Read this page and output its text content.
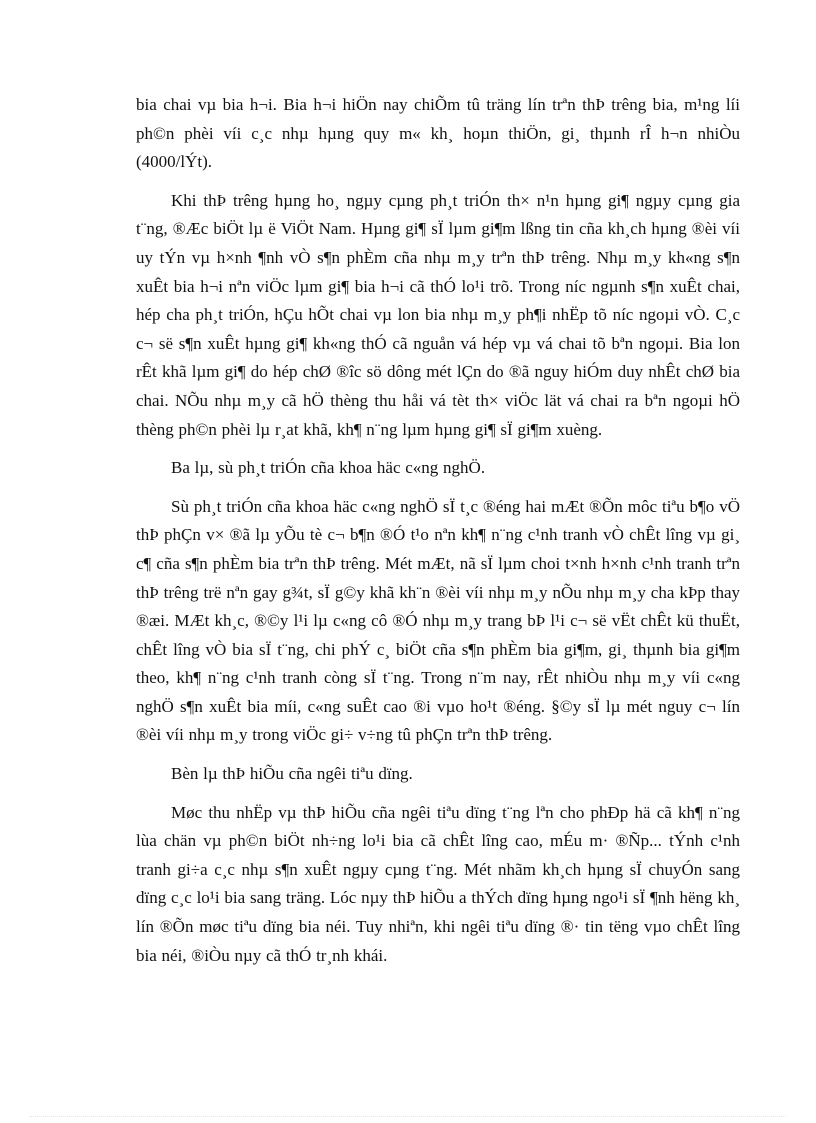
bia chai vµ bia h¬i. Bia h¬i hiÖn nay chiÕm tû träng lín trªn thÞ trêng bia, m¹ng líi ph©n phèi víi c¸c nhµ hµng quy m« kh¸ hoµn thiÖn, gi¸ thµnh rÎ h¬n nhiÒu (4000/lÝt).

Khi thÞ trêng hµng ho¸ ngµy cµng ph¸t triÓn th× n¹n hµng gi¶ ngµy cµng gia t¨ng, ®Æc biÖt lµ ë ViÖt Nam. Hµng gi¶ sÏ lµm gi¶m lßng tin cña kh¸ch hµng ®èi víi uy tÝn vµ h×nh ¶nh vÒ s¶n phÈm cña nhµ m¸y trªn thÞ trêng. Nhµ m¸y kh«ng s¶n xuÊt bia h¬i nªn viÖc lµm gi¶ bia h¬i cã thÓ lo¹i trõ. Trong níc ngµnh s¶n xuÊt chai, hép cha ph¸t triÓn, hÇu hÕt chai vµ lon bia nhµ m¸y ph¶i nhËp tõ níc ngoµi vÒ. C¸c c¬ së s¶n xuÊt hµng gi¶ kh«ng thÓ cã nguån vá hép vµ vá chai tõ bªn ngoµi. Bia lon rÊt khã lµm gi¶ do hép chØ ®îc sö dông mét lÇn do ®ã nguy hiÓm duy nhÊt chØ bia chai. NÕu nhµ m¸y cã hÖ thèng thu håi vá tèt th× viÖc lät vá chai ra bªn ngoµi hÖ thèng ph©n phèi lµ r¸at khã, kh¶ n¨ng lµm hµng gi¶ sÏ gi¶m xuèng.

Ba lµ, sù ph¸t triÓn cña khoa häc c«ng nghÖ.

Sù ph¸t triÓn cña khoa häc c«ng nghÖ sÏ t¸c ®éng hai mÆt ®Õn môc tiªu b¶o vÖ thÞ phÇn v× ®ã lµ yÕu tè c¬ b¶n ®Ó t¹o nªn kh¶ n¨ng c¹nh tranh vÒ chÊt lîng vµ gi¸ c¶ cña s¶n phÈm bia trªn thÞ trêng. Mét mÆt, nã sÏ lµm choi t×nh h×nh c¹nh tranh trªn thÞ trêng trë nªn gay g¾t, sÏ g©y khã kh¨n ®èi víi nhµ m¸y nÕu nhµ m¸y cha kÞp thay ®æi. MÆt kh¸c, ®©y l¹i lµ c«ng cô ®Ó nhµ m¸y trang bÞ l¹i c¬ së vËt chÊt kü thuËt, chÊt lîng vÒ bia sÏ t¨ng, chi phÝ c¸ biÖt cña s¶n phÈm bia gi¶m, gi¸ thµnh bia gi¶m theo, kh¶ n¨ng c¹nh tranh còng sÏ t¨ng. Trong n¨m nay, rÊt nhiÒu nhµ m¸y víi c«ng nghÖ s¶n xuÊt bia míi, c«ng suÊt cao ®i vµo ho¹t ®éng. §©y sÏ lµ mét nguy c¬ lín ®èi víi nhµ m¸y trong viÖc gi÷ v÷ng tû phÇn trªn thÞ trêng.

Bèn lµ thÞ hiÕu cña ngêi tiªu dïng.

Møc thu nhËp vµ thÞ hiÕu cña ngêi tiªu dïng t¨ng lªn cho phÐp hä cã kh¶ n¨ng lùa chän vµ ph©n biÖt nh÷ng lo¹i bia cã chÊt lîng cao, mÉu m· ®Ñp... tÝnh c¹nh tranh gi÷a c¸c nhµ s¶n xuÊt ngµy cµng t¨ng. Mét nhãm kh¸ch hµng sÏ chuyÓn sang dïng c¸c lo¹i bia sang träng. Lóc nµy thÞ hiÕu a thÝch dïng hµng ngo¹i sÏ ¶nh hëng kh¸ lín ®Õn møc tiªu dïng bia néi. Tuy nhiªn, khi ngêi tiªu dïng ®· tin tëng vµo chÊt lîng bia néi, ®iÒu nµy cã thÓ tr¸nh khái.
